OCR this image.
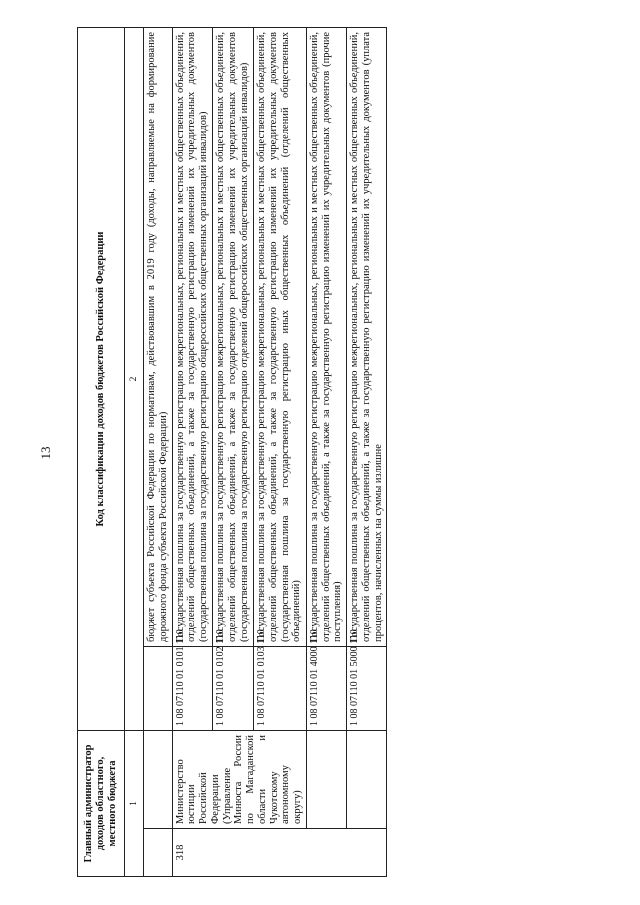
13
Главный администратор доходов областного, местного бюджета		Код классификации доходов бюджетов Российской Федерации	
1		2	
			бюджет субъекта Российской Федерации по нормативам, действовавшим в 2019 году (доходы, направляемые на формирование дорожного фонда субъекта Российской Федерации)
318	Министерство юстиции Российской Федерации (Управление Минюста России по Магаданской области и Чукотскому автономному округу)	1 08 07110 01 0101 110	Государственная пошлина за государственную регистрацию межрегиональных, региональных и местных общественных объединений, отделений общественных объединений, а также за государственную регистрацию изменений их учредительных документов (государственная пошлина за государственную регистрацию общероссийских общественных организаций инвалидов)
		1 08 07110 01 0102 110	Государственная пошлина за государственную регистрацию межрегиональных, региональных и местных общественных объединений, отделений общественных объединений, а также за государственную регистрацию изменений их учредительных документов (государственная пошлина за государственную регистрацию отделений общероссийских общественных организаций инвалидов)
		1 08 07110 01 0103 110	Государственная пошлина за государственную регистрацию межрегиональных, региональных и местных общественных объединений, отделений общественных объединений, а также за государственную регистрацию изменений их учредительных документов (государственная пошлина за государственную регистрацию иных общественных объединений (отделений общественных объединений)
		1 08 07110 01 4000 110	Государственная пошлина за государственную регистрацию межрегиональных, региональных и местных общественных объединений, отделений общественных объединений, а также за государственную регистрацию изменений их учредительных документов (прочие поступления)
		1 08 07110 01 5000 110	Государственная пошлина за государственную регистрацию межрегиональных, региональных и местных общественных объединений, отделений общественных объединений, а также за государственную регистрацию изменений их учредительных документов (уплата процентов, начисленных на суммы излишне
